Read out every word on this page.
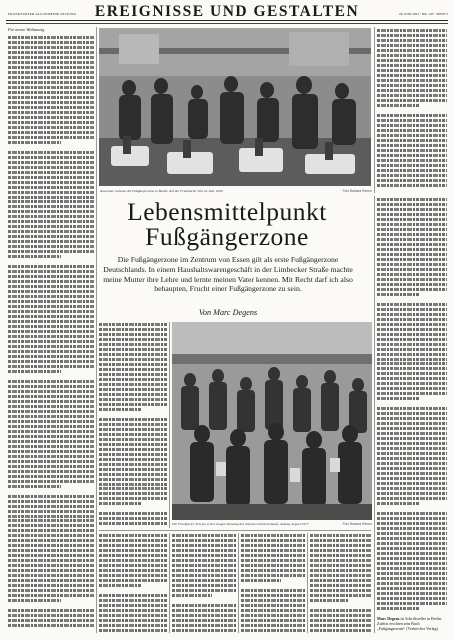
FRANKFURTER ALLGEMEINE ZEITUNG	EREIGNISSE UND GESTALTEN	26. JUNI 2021 · NR. 145 · SEITE 5
Für meine Weltsaurig
Anwohner nehmen die Fußgängerzone in Besitz: Auf der Frankfurter Zeil im Jahr 1999	Foto Barbara Klemm
Lebensmittelpunkt
Fußgängerzone
Die Fußgängerzone im Zentrum von Essen gilt als erste Fußgängerzone Deutschlands. In einem Haushaltswarengeschäft in der Limbecker Straße machte meine Mutter ihre Lehre und lernte meinen Vater kennen. Mit Recht darf ich also behaupten, Frucht einer Fußgängerzone zu sein.
Von Marc Degens
Die Frankfurter Zeil am ersten langen Samstag des Sommerschlussverkaufs, Anfang August 1977	Foto Barbara Klemm
Marc Degens ist Schriftsteller in Berlin. Zuletzt erschien sein Buch „Fußgängerzone“ (Verbrecher Verlag).
